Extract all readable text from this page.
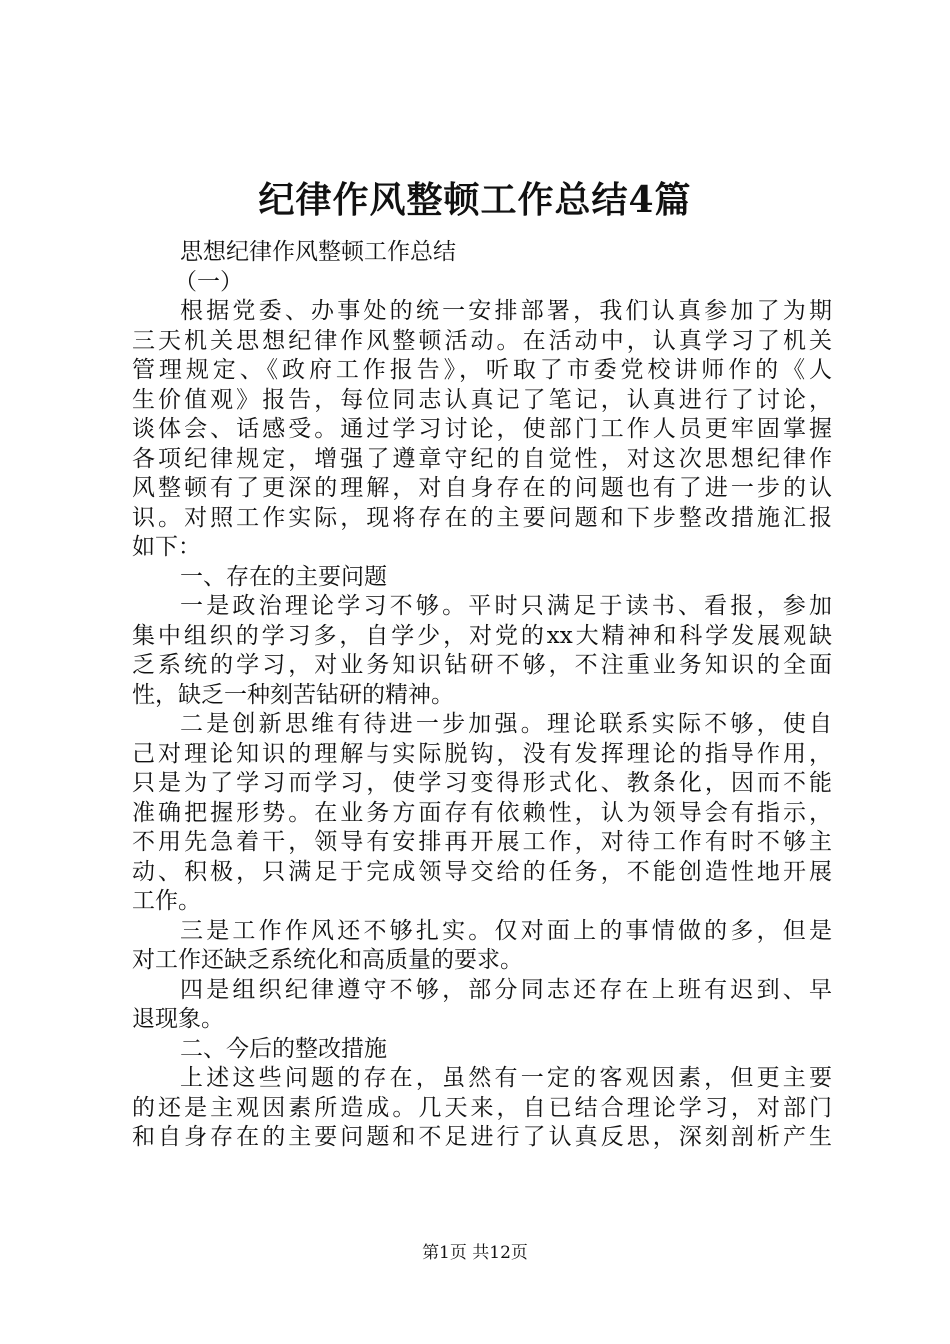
纪律作风整顿工作总结4篇
思想纪律作风整顿工作总结
（一）
根据党委、办事处的统一安排部署，我们认真参加了为期
三天机关思想纪律作风整顿活动。在活动中，认真学习了机关
管理规定、《政府工作报告》，听取了市委党校讲师作的《人
生价值观》报告，每位同志认真记了笔记，认真进行了讨论，
谈体会、话感受。通过学习讨论，使部门工作人员更牢固掌握
各项纪律规定，增强了遵章守纪的自觉性，对这次思想纪律作
风整顿有了更深的理解，对自身存在的问题也有了进一步的认
识。对照工作实际，现将存在的主要问题和下步整改措施汇报
如下：
一、存在的主要问题
一是政治理论学习不够。平时只满足于读书、看报，参加
集中组织的学习多，自学少，对党的xx大精神和科学发展观缺
乏系统的学习，对业务知识钻研不够，不注重业务知识的全面
性，缺乏一种刻苦钻研的精神。
二是创新思维有待进一步加强。理论联系实际不够，使自
己对理论知识的理解与实际脱钩，没有发挥理论的指导作用，
只是为了学习而学习，使学习变得形式化、教条化，因而不能
准确把握形势。在业务方面存有依赖性，认为领导会有指示，
不用先急着干，领导有安排再开展工作，对待工作有时不够主
动、积极，只满足于完成领导交给的任务，不能创造性地开展
工作。
三是工作作风还不够扎实。仅对面上的事情做的多，但是
对工作还缺乏系统化和高质量的要求。
四是组织纪律遵守不够，部分同志还存在上班有迟到、早
退现象。
二、今后的整改措施
上述这些问题的存在，虽然有一定的客观因素，但更主要
的还是主观因素所造成。几天来，自已结合理论学习，对部门
和自身存在的主要问题和不足进行了认真反思，深刻剖析产生
第1页 共12页
